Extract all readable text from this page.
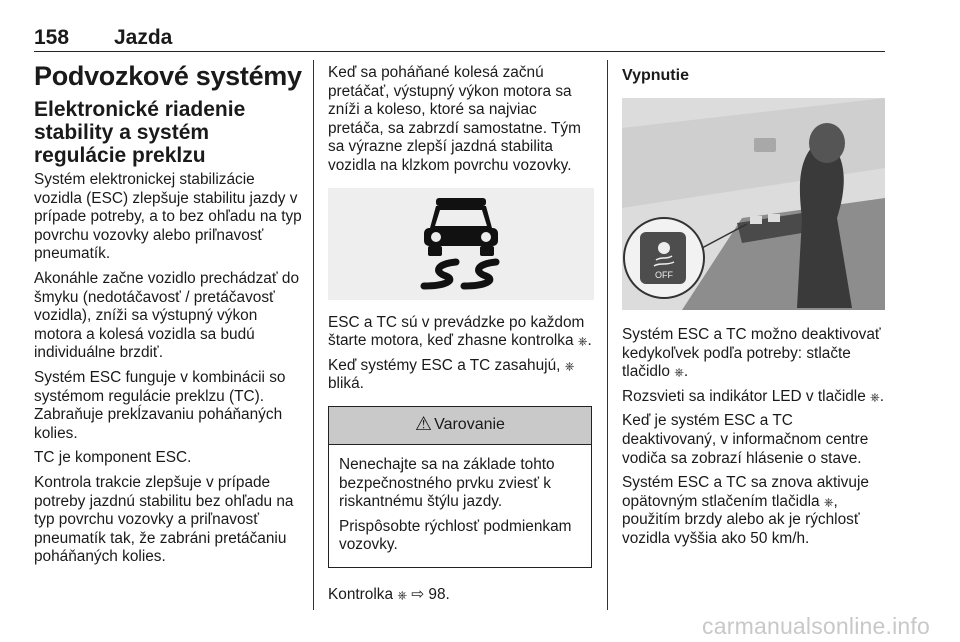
158 Jazda
Podvozkové systémy
Elektronické riadenie stability a systém regulácie preklzu

Systém elektronickej stabilizácie vozidla (ESC) zlepšuje stabilitu jazdy v prípade potreby, a to bez ohľadu na typ povrchu vozovky alebo priľnavosť pneumatík.

Akonáhle začne vozidlo prechádzať do šmyku (nedotáčavosť / pretáčavosť vozidla), zníži sa výstupný výkon motora a kolesá vozidla sa budú individuálne brzdiť.

Systém ESC funguje v kombinácii so systémom regulácie preklzu (TC). Zabraňuje prekĺzavaniu poháňaných kolies.

TC je komponent ESC.

Kontrola trakcie zlepšuje v prípade potreby jazdnú stabilitu bez ohľadu na typ povrchu vozovky a priľnavosť pneumatík tak, že zabráni pretáčaniu poháňaných kolies.

Keď sa poháňané kolesá začnú pretáčať, výstupný výkon motora sa zníži a koleso, ktoré sa najviac pretáča, sa zabrzdí samostatne. Tým sa výrazne zlepší jazdná stabilita vozidla na klzkom povrchu vozovky.

ESC a TC sú v prevádzke po každom štarte motora, keď zhasne kontrolka ⎈.

Keď systémy ESC a TC zasahujú, ⎈ bliká.

⚠ Varovanie

Nenechajte sa na základe tohto bezpečnostného prvku zviesť k riskantnému štýlu jazdy.

Prispôsobte rýchlosť podmienkam vozovky.

Kontrolka ⎈ ⇨ 98.

Vypnutie
OFF

Systém ESC a TC možno deaktivovať kedykoľvek podľa potreby: stlačte tlačidlo ⎈.

Rozsvieti sa indikátor LED v tlačidle ⎈.

Keď je systém ESC a TC deaktivovaný, v informačnom centre vodiča sa zobrazí hlásenie o stave.

Systém ESC a TC sa znova aktivuje opätovným stlačením tlačidla ⎈, použitím brzdy alebo ak je rýchlosť vozidla vyššia ako 50 km/h.

carmanualsonline.info
